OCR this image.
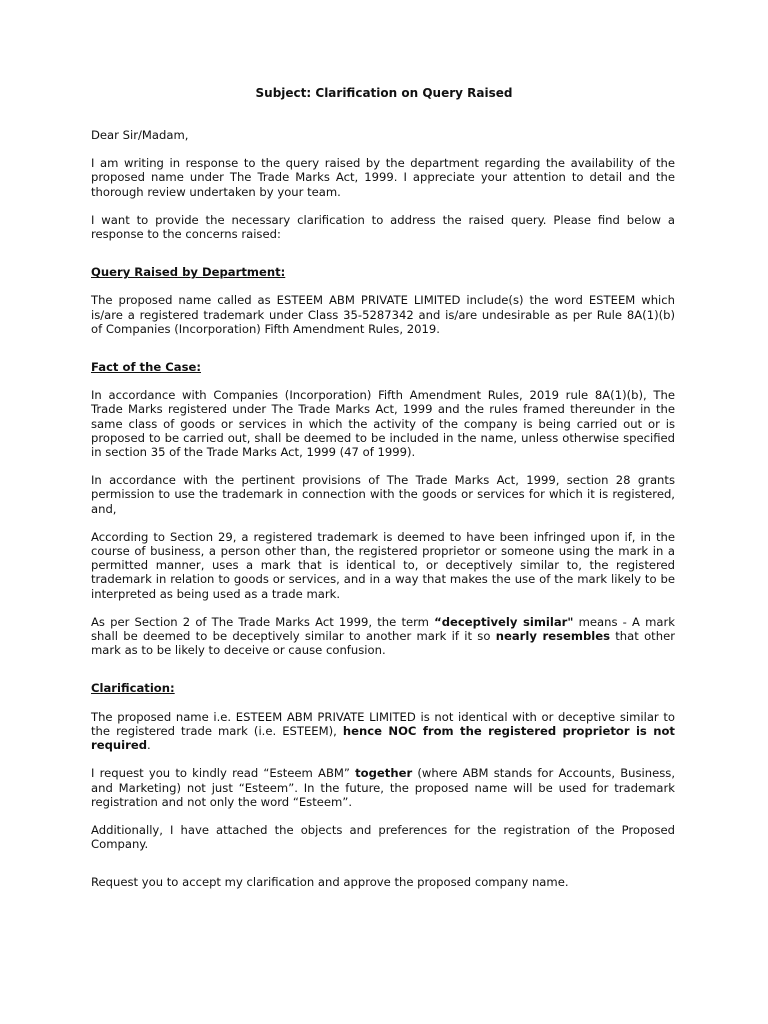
Subject: Clarification on Query Raised

Dear Sir/Madam,

I am writing in response to the query raised by the department regarding the availability of the proposed name under The Trade Marks Act, 1999. I appreciate your attention to detail and the thorough review undertaken by your team.

I want to provide the necessary clarification to address the raised query. Please find below a response to the concerns raised:

Query Raised by Department:

The proposed name called as ESTEEM ABM PRIVATE LIMITED include(s) the word ESTEEM which is/are a registered trademark under Class 35-5287342 and is/are undesirable as per Rule 8A(1)(b) of Companies (Incorporation) Fifth Amendment Rules, 2019.

Fact of the Case:

In accordance with Companies (Incorporation) Fifth Amendment Rules, 2019 rule 8A(1)(b), The Trade Marks registered under The Trade Marks Act, 1999 and the rules framed thereunder in the same class of goods or services in which the activity of the company is being carried out or is proposed to be carried out, shall be deemed to be included in the name, unless otherwise specified in section 35 of the Trade Marks Act, 1999 (47 of 1999).

In accordance with the pertinent provisions of The Trade Marks Act, 1999, section 28 grants permission to use the trademark in connection with the goods or services for which it is registered, and,

According to Section 29, a registered trademark is deemed to have been infringed upon if, in the course of business, a person other than, the registered proprietor or someone using the mark in a permitted manner, uses a mark that is identical to, or deceptively similar to, the registered trademark in relation to goods or services, and in a way that makes the use of the mark likely to be interpreted as being used as a trade mark.

As per Section 2 of The Trade Marks Act 1999, the term “deceptively similar" means - A mark shall be deemed to be deceptively similar to another mark if it so nearly resembles that other mark as to be likely to deceive or cause confusion.

Clarification:

The proposed name i.e. ESTEEM ABM PRIVATE LIMITED is not identical with or deceptive similar to the registered trade mark (i.e. ESTEEM), hence NOC from the registered proprietor is not required.

I request you to kindly read “Esteem ABM” together (where ABM stands for Accounts, Business, and Marketing) not just “Esteem”. In the future, the proposed name will be used for trademark registration and not only the word “Esteem”.

Additionally, I have attached the objects and preferences for the registration of the Proposed Company.

Request you to accept my clarification and approve the proposed company name.
